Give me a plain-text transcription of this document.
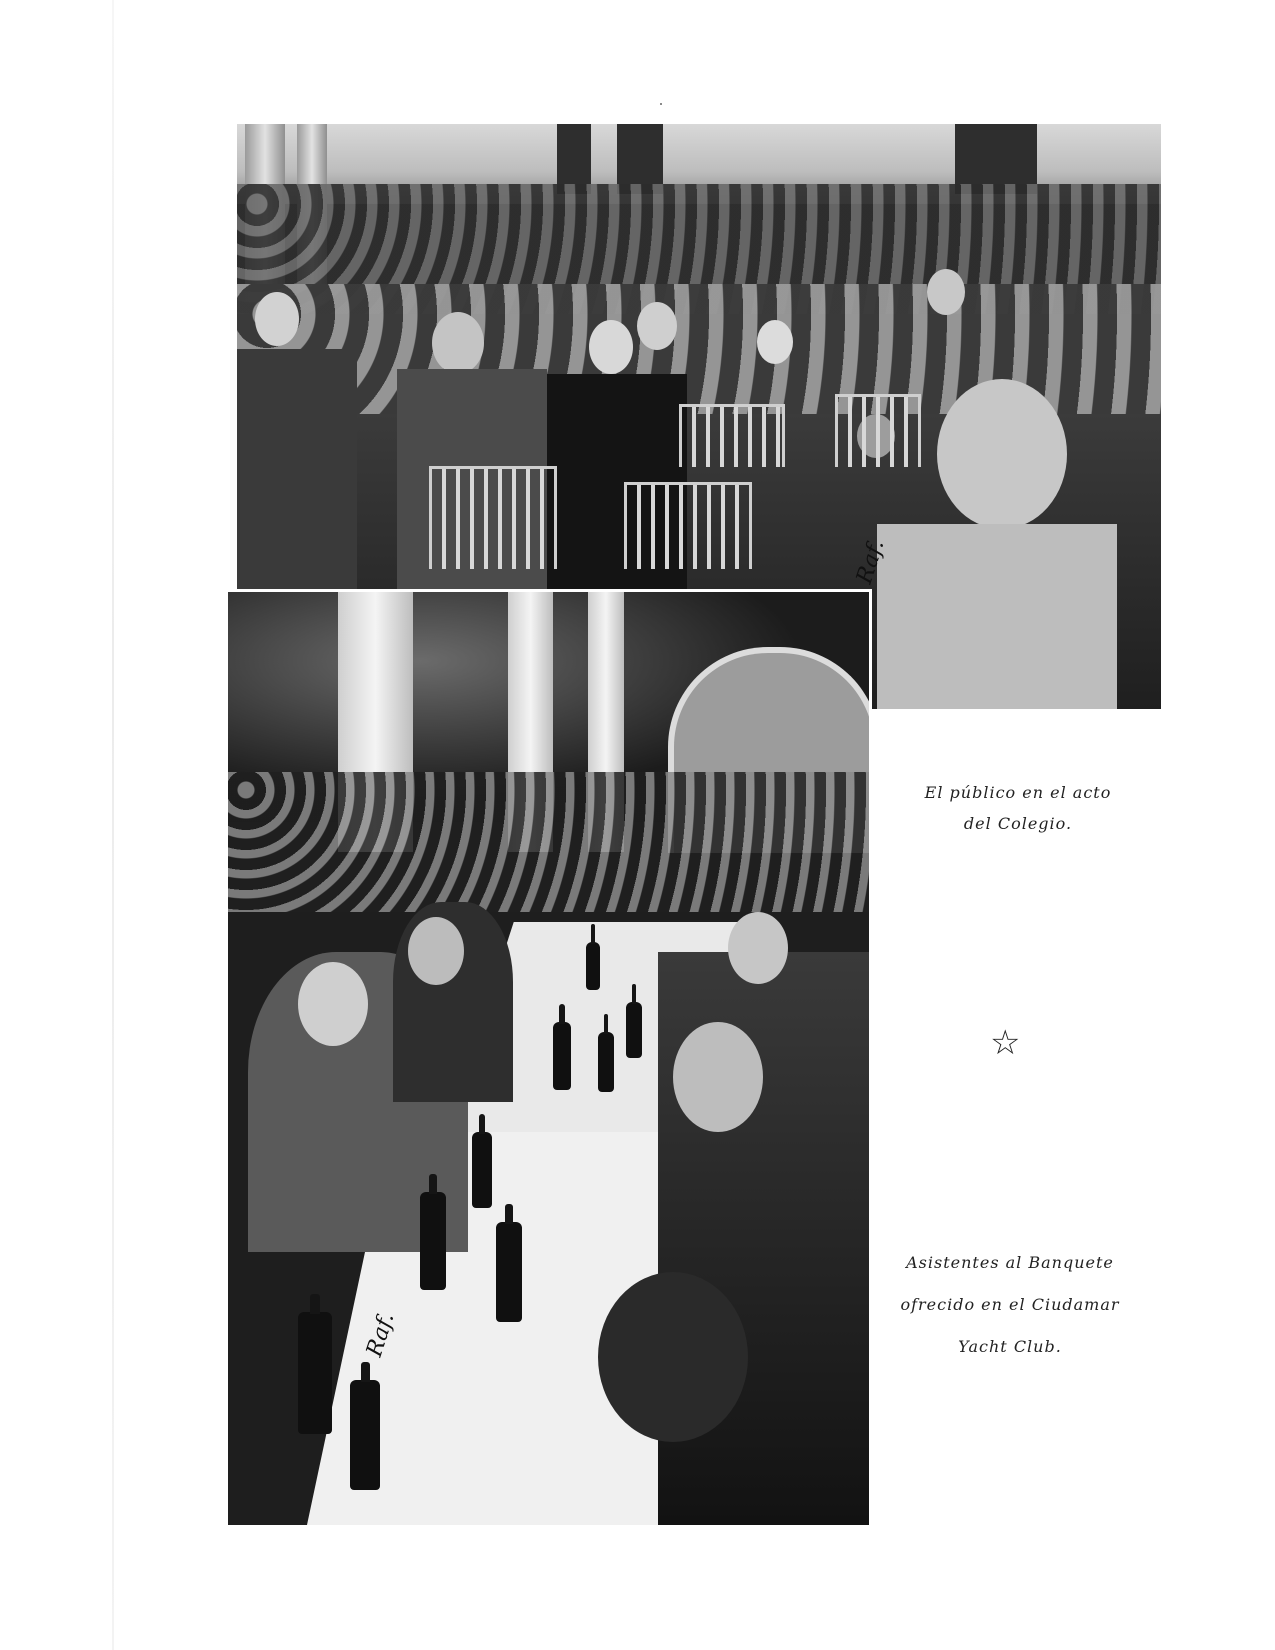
Raf.
Raf.
El público en el acto
del Colegio.
☆
Asistentes al Banquete
ofrecido en el Ciudamar
Yacht Club.
